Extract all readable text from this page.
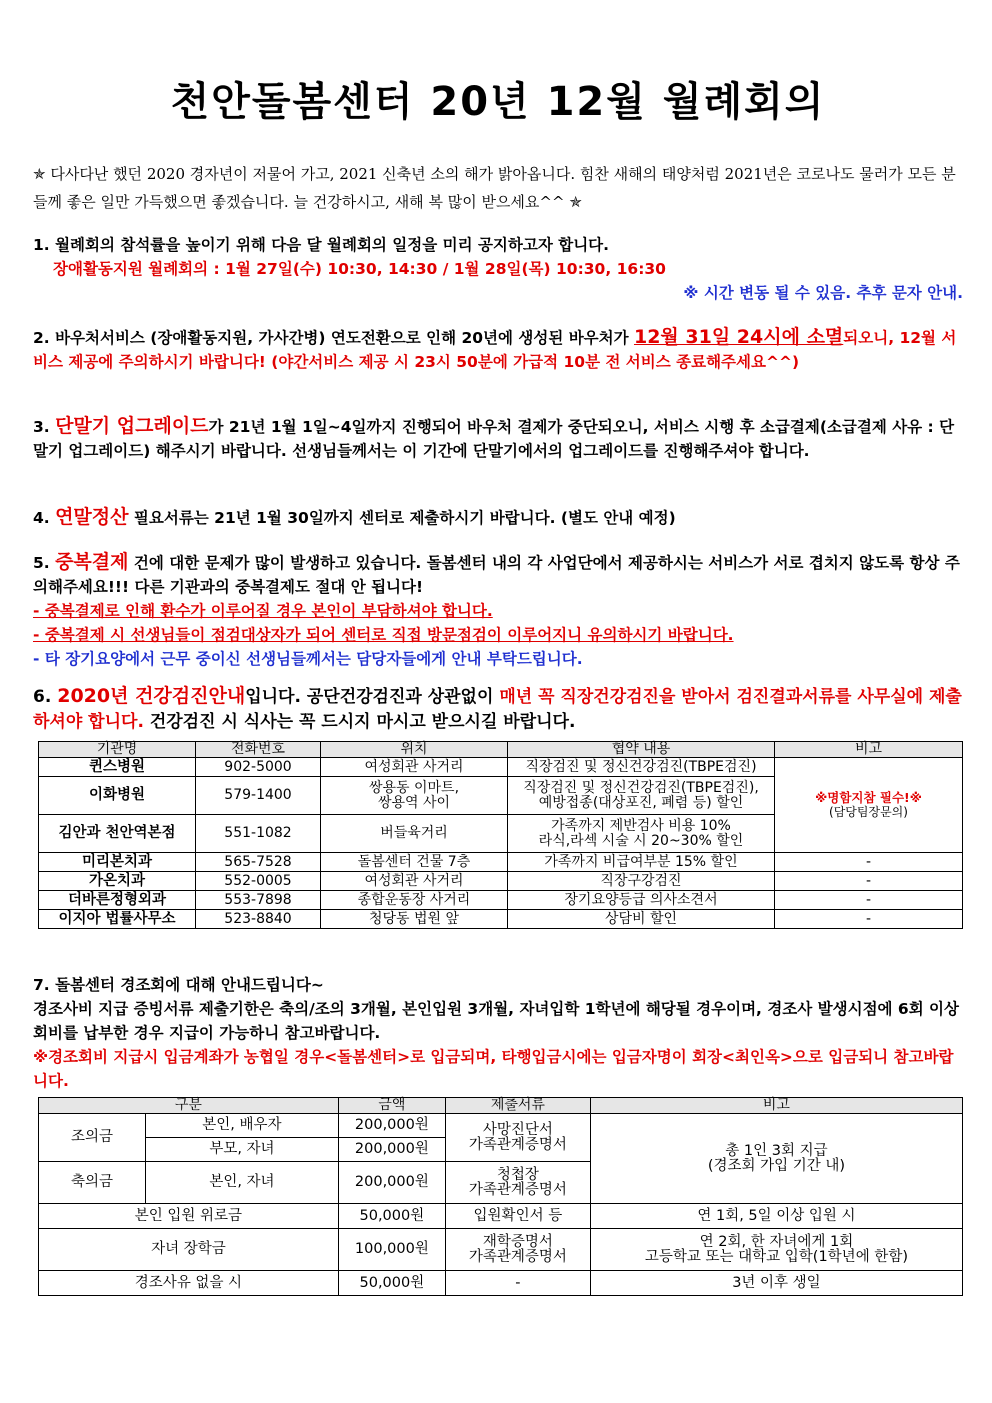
천안돌봄센터 20년 12월 월례회의
✯ 다사다난 했던 2020 경자년이 저물어 가고, 2021 신축년 소의 해가 밝아옵니다. 힘찬 새해의 태양처럼 2021년은 코로나도 물러가 모든 분들께 좋은 일만 가득했으면 좋겠습니다. 늘 건강하시고, 새해 복 많이 받으세요^^ ✯
1. 월례회의 참석률을 높이기 위해 다음 달 월례회의 일정을 미리 공지하고자 합니다.
장애활동지원 월례회의 : 1월 27일(수) 10:30, 14:30 / 1월 28일(목) 10:30, 16:30
※ 시간 변동 될 수 있음. 추후 문자 안내.
2. 바우처서비스 (장애활동지원, 가사간병) 연도전환으로 인해 20년에 생성된 바우처가 12월 31일 24시에 소멸되오니, 12월 서비스 제공에 주의하시기 바랍니다! (야간서비스 제공 시 23시 50분에 가급적 10분 전 서비스 종료해주세요^^)
3. 단말기 업그레이드가 21년 1월 1일~4일까지 진행되어 바우처 결제가 중단되오니, 서비스 시행 후 소급결제(소급결제 사유 : 단말기 업그레이드) 해주시기 바랍니다. 선생님들께서는 이 기간에 단말기에서의 업그레이드를 진행해주셔야 합니다.
4. 연말정산 필요서류는 21년 1월 30일까지 센터로 제출하시기 바랍니다. (별도 안내 예정)
5. 중복결제 건에 대한 문제가 많이 발생하고 있습니다. 돌봄센터 내의 각 사업단에서 제공하시는 서비스가 서로 겹치지 않도록 항상 주의해주세요!!! 다른 기관과의 중복결제도 절대 안 됩니다!
- 중복결제로 인해 환수가 이루어질 경우 본인이 부담하셔야 합니다.
- 중복결제 시 선생님들이 점검대상자가 되어 센터로 직접 방문점검이 이루어지니 유의하시기 바랍니다.
- 타 장기요양에서 근무 중이신 선생님들께서는 담당자들에게 안내 부탁드립니다.
6. 2020년 건강검진안내입니다. 공단건강검진과 상관없이 매년 꼭 직장건강검진을 받아서 검진결과서류를 사무실에 제출하셔야 합니다. 건강검진 시 식사는 꼭 드시지 마시고 받으시길 바랍니다.
기관명	전화번호	위치	협약 내용	비고
퀸스병원	902-5000	여성회관 사거리	직장검진 및 정신건강검진(TBPE검진)	※명함지참 필수!※
(담당팀장문의)

이화병원	579-1400	쌍용동 이마트,
쌍용역 사이	직장검진 및 정신건강검진(TBPE검진),
예방접종(대상포진, 폐렴 등) 할인	
김안과 천안역본점	551-1082	버들육거리	가족까지 제반검사 비용 10%
라식,라섹 시술 시 20~30% 할인	
미리본치과	565-7528	돌봄센터 건물 7층	가족까지 비급여부분 15% 할인	-
가온치과	552-0005	여성회관 사거리	직장구강검진	-
더바른정형외과	553-7898	종합운동장 사거리	장기요양등급 의사소견서	-
이지아 법률사무소	523-8840	청당동 법원 앞	상담비 할인	-
7. 돌봄센터 경조회에 대해 안내드립니다~
경조사비 지급 증빙서류 제출기한은 축의/조의 3개월, 본인입원 3개월, 자녀입학 1학년에 해당될 경우이며, 경조사 발생시점에 6회 이상 회비를 납부한 경우 지급이 가능하니 참고바랍니다.
※경조회비 지급시 입금계좌가 농협일 경우<돌봄센터>로 입금되며, 타행입금시에는 입금자명이 회장<최인옥>으로 입금되니 참고바랍니다.
구분		금액	제출서류	비고
조의금	본인, 배우자	200,000원	사망진단서
가족관계증명서	총 1인 3회 지급
(경조회 가입 기간 내)
	부모, 자녀	200,000원		
축의금	본인, 자녀	200,000원	청첩장
가족관계증명서	

본인 입원 위로금		50,000원	입원확인서 등	연 1회, 5일 이상 입원 시
자녀 장학금		100,000원	재학증명서
가족관계증명서	연 2회, 한 자녀에게 1회
고등학교 또는 대학교 입학(1학년에 한함)
경조사유 없을 시		50,000원	-	3년 이후 생일
